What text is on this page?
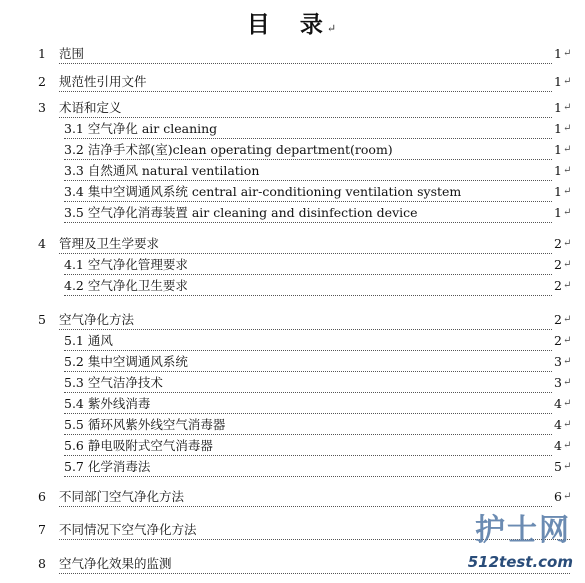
目 录 ↵
1	范围	1 ↵
2	规范性引用文件	1 ↵
3	术语和定义	1 ↵
3.1 空气净化 air cleaning	1 ↵
3.2 洁净手术部(室)clean operating department(room)	1 ↵
3.3 自然通风 natural ventilation	1 ↵
3.4 集中空调通风系统 central air-conditioning ventilation system	1 ↵
3.5 空气净化消毒装置 air cleaning and disinfection device	1 ↵
4	管理及卫生学要求	2 ↵
4.1 空气净化管理要求	2 ↵
4.2 空气净化卫生要求	2 ↵
5	空气净化方法	2 ↵
5.1 通风	2 ↵
5.2 集中空调通风系统	3 ↵
5.3 空气洁净技术	3 ↵
5.4 紫外线消毒	4 ↵
5.5 循环风紫外线空气消毒器	4 ↵
5.6 静电吸附式空气消毒器	4 ↵
5.7 化学消毒法	5 ↵
6	不同部门空气净化方法	6 ↵
7	不同情况下空气净化方法
8	空气净化效果的监测
护士网
512test.com
